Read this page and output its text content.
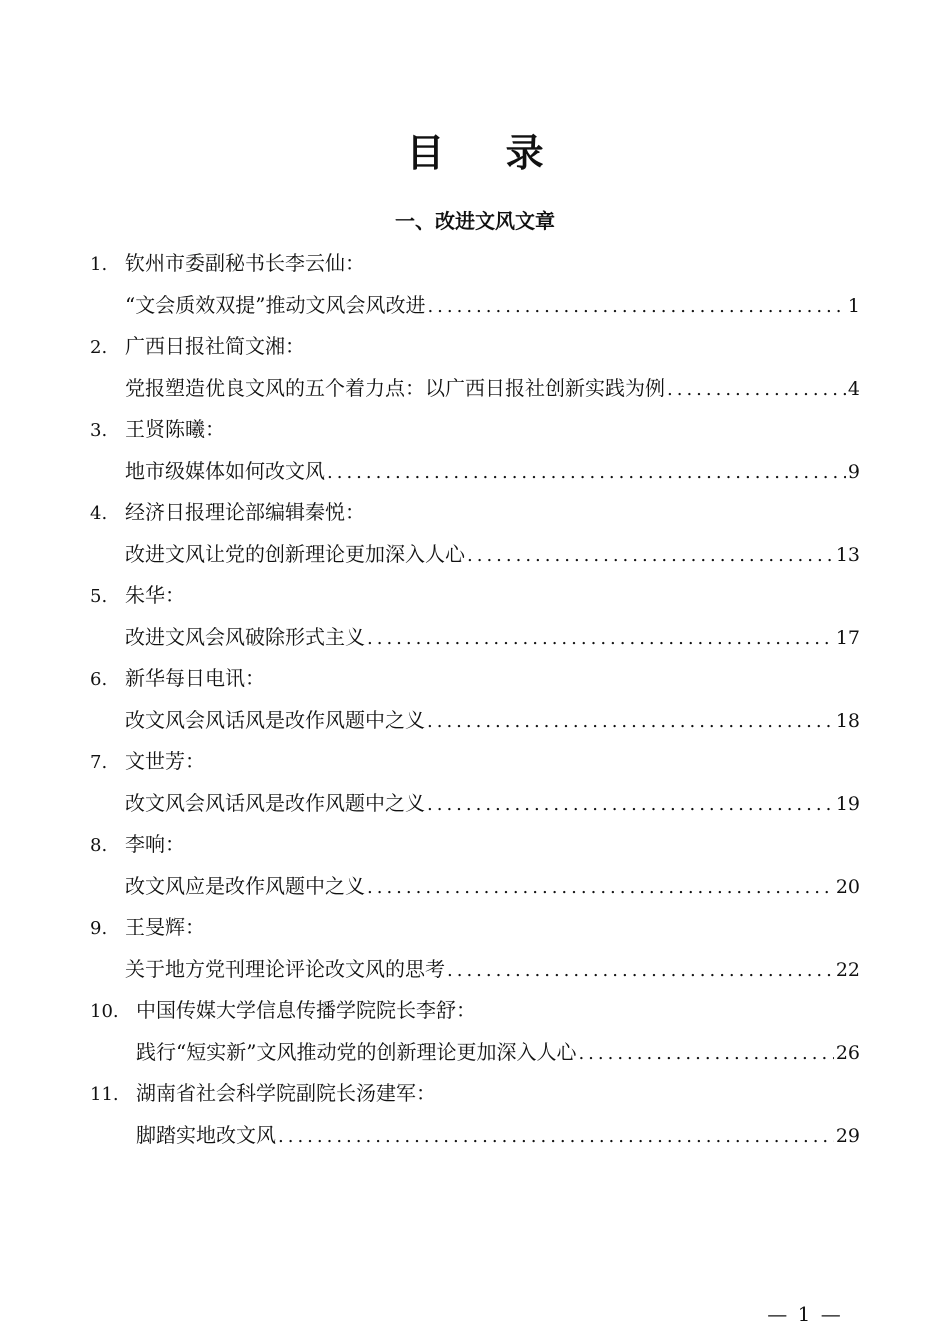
目 录
一、改进文风文章
1. 钦州市委副秘书长李云仙：
“文会质效双提”推动文风会风改进 .....	1
2. 广西日报社简文湘：
党报塑造优良文风的五个着力点：以广西日报社创新实践为例 .....	4
3. 王贤陈曦：
地市级媒体如何改文风 .....	9
4. 经济日报理论部编辑秦悦：
改进文风让党的创新理论更加深入人心 .....	13
5. 朱华：
改进文风会风破除形式主义 .....	17
6. 新华每日电讯：
改文风会风话风是改作风题中之义 .....	18
7. 文世芳：
改文风会风话风是改作风题中之义 .....	19
8. 李响：
改文风应是改作风题中之义 .....	20
9. 王旻辉：
关于地方党刊理论评论改文风的思考 .....	22
10. 中国传媒大学信息传播学院院长李舒：
践行“短实新”文风推动党的创新理论更加深入人心 .....	26
11. 湖南省社会科学院副院长汤建军：
脚踏实地改文风 .....	29
— 1 —
